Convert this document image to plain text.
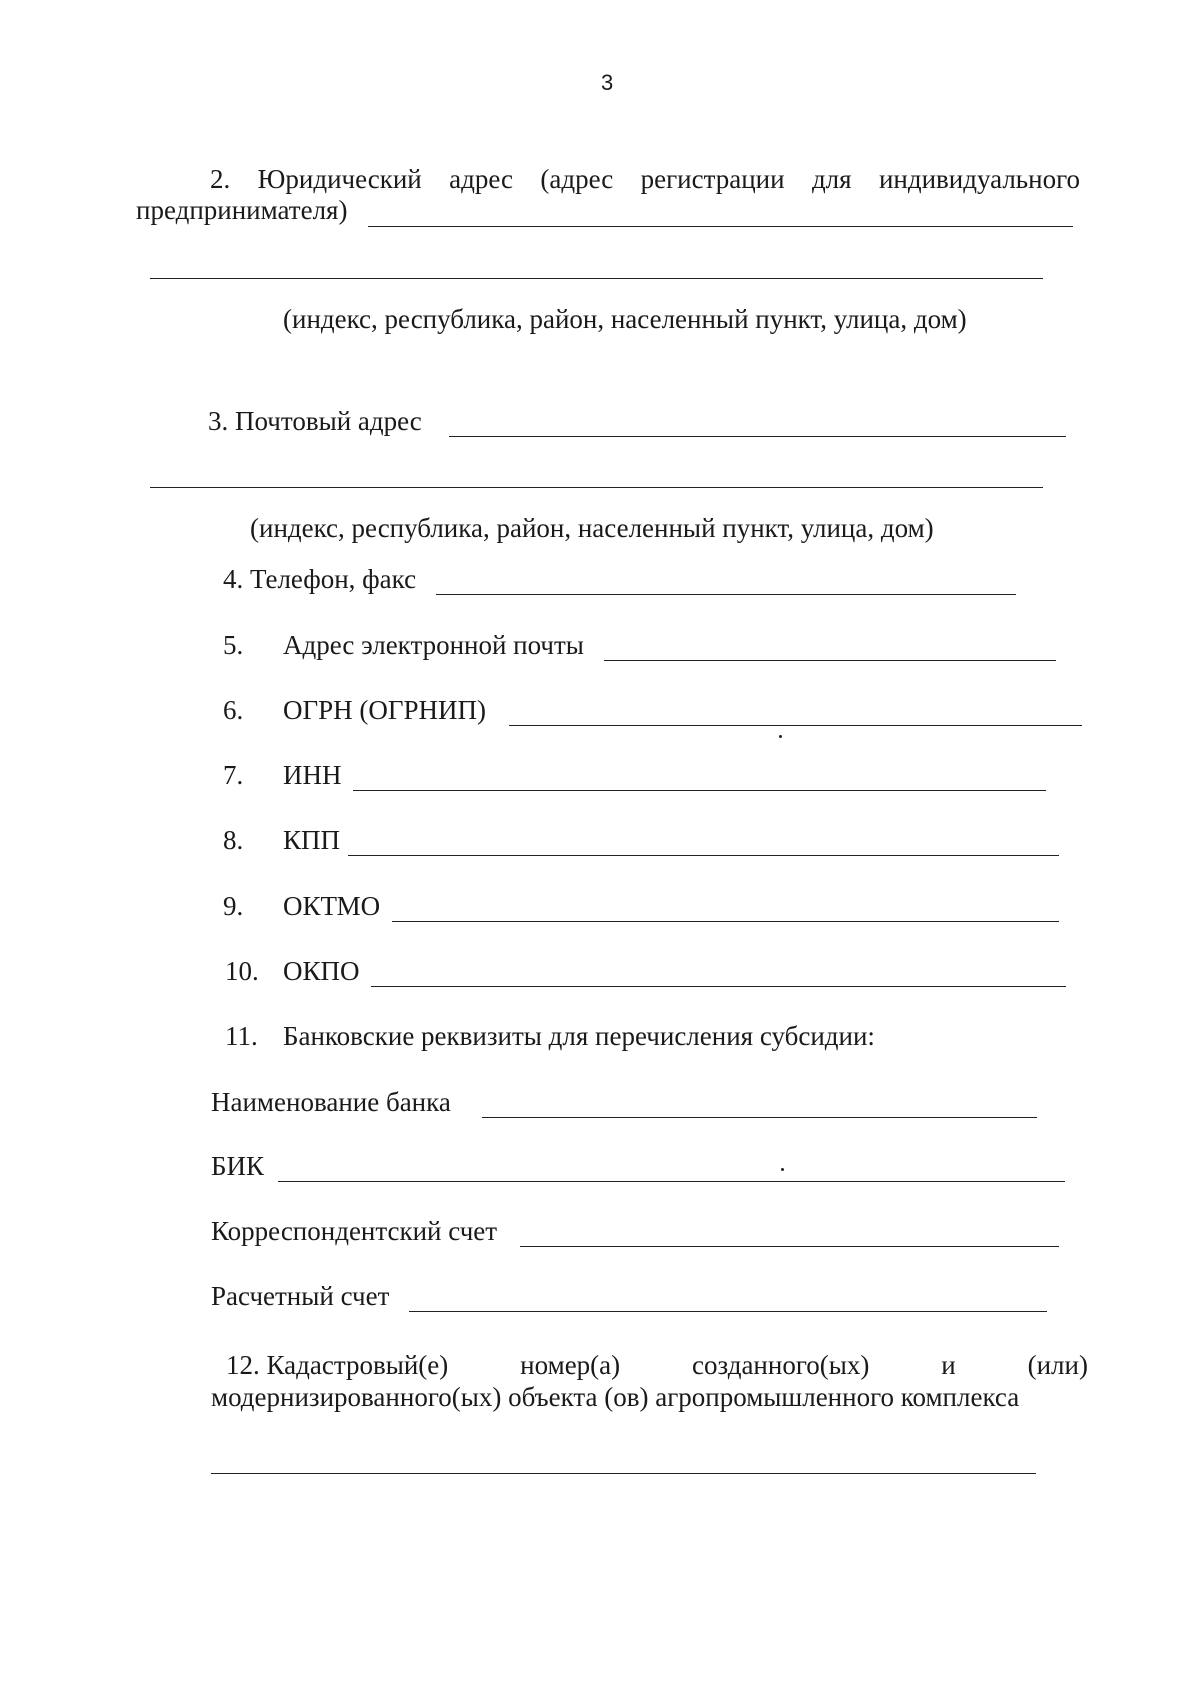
3
2. Юридический адрес (адрес регистрации для индивидуального
предпринимателя)
(индекс, республика, район, населенный пункт, улица, дом)
3. Почтовый адрес
(индекс, республика, район, населенный пункт, улица, дом)
4. Телефон, факс
5. Адрес электронной почты
6. ОГРН (ОГРНИП)
7. ИНН
8. КПП
9. ОКТМО
10. ОКПО
11. Банковские реквизиты для перечисления субсидии:
Наименование банка
БИК
Корреспондентский счет
Расчетный счет
12. Кадастровый(е)	номер(а)	созданного(ых)	и	(или)
модернизированного(ых) объекта (ов) агропромышленного комплекса
